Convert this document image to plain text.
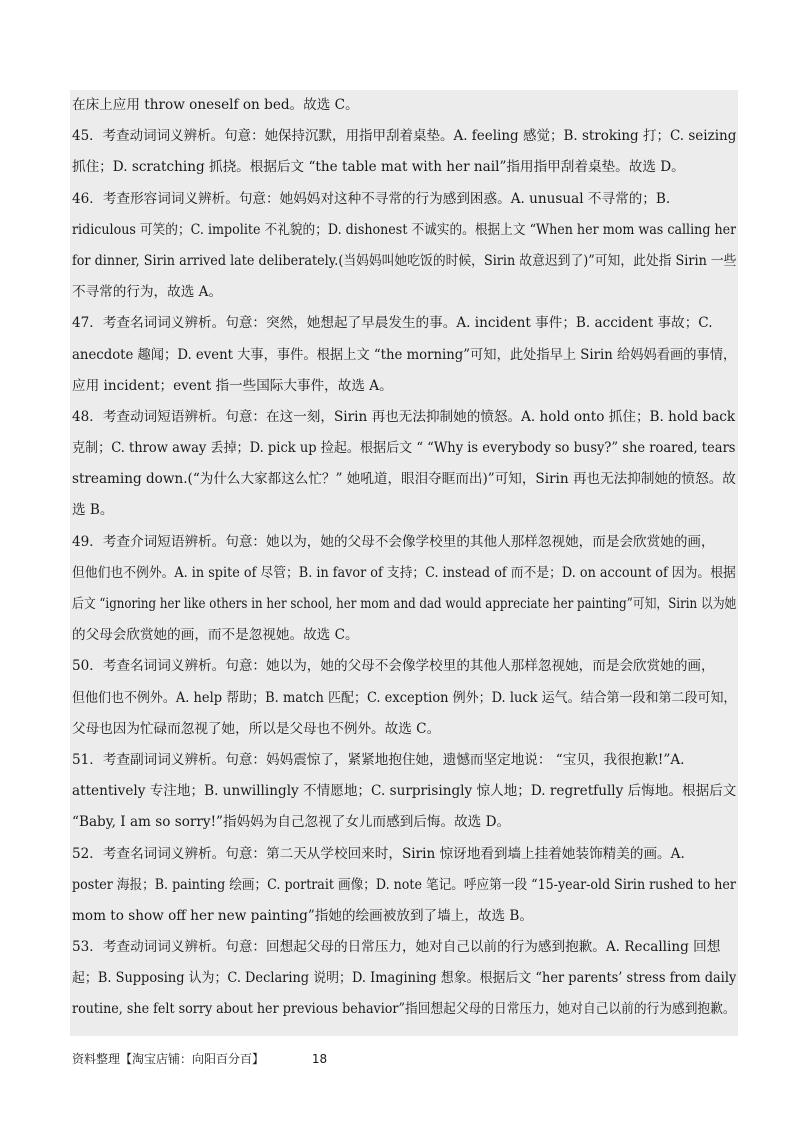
在床上应用 throw oneself on bed。故选 C。
45．考查动词词义辨析。句意：她保持沉默，用指甲刮着桌垫。A. feeling 感觉；B. stroking 打；C. seizing
抓住；D. scratching 抓挠。根据后文 “the table mat with her nail”指用指甲刮着桌垫。故选 D。
46．考查形容词词义辨析。句意：她妈妈对这种不寻常的行为感到困惑。A. unusual 不寻常的；B.
ridiculous 可笑的；C. impolite 不礼貌的；D. dishonest 不诚实的。根据上文 “When her mom was calling her
for dinner, Sirin arrived late deliberately.(当妈妈叫她吃饭的时候，Sirin 故意迟到了)”可知，此处指 Sirin 一些
不寻常的行为，故选 A。
47．考查名词词义辨析。句意：突然，她想起了早晨发生的事。A. incident 事件；B. accident 事故；C.
anecdote 趣闻；D. event 大事，事件。根据上文 “the morning”可知，此处指早上 Sirin 给妈妈看画的事情，
应用 incident；event 指一些国际大事件，故选 A。
48．考查动词短语辨析。句意：在这一刻，Sirin 再也无法抑制她的愤怒。A. hold onto 抓住；B. hold back
克制；C. throw away 丢掉；D. pick up 捡起。根据后文 “ “Why is everybody so busy?” she roared, tears
streaming down.(“为什么大家都这么忙？” 她吼道，眼泪夺眶而出)”可知，Sirin 再也无法抑制她的愤怒。故
选 B。
49．考查介词短语辨析。句意：她以为，她的父母不会像学校里的其他人那样忽视她，而是会欣赏她的画，
但他们也不例外。A. in spite of 尽管；B. in favor of 支持；C. instead of 而不是；D. on account of 因为。根据
后文 “ignoring her like others in her school, her mom and dad would appreciate her painting”可知，Sirin 以为她
的父母会欣赏她的画，而不是忽视她。故选 C。
50．考查名词词义辨析。句意：她以为，她的父母不会像学校里的其他人那样忽视她，而是会欣赏她的画，
但他们也不例外。A. help 帮助；B. match 匹配；C. exception 例外；D. luck 运气。结合第一段和第二段可知，
父母也因为忙碌而忽视了她，所以是父母也不例外。故选 C。
51．考查副词词义辨析。句意：妈妈震惊了，紧紧地抱住她，遗憾而坚定地说： “宝贝，我很抱歉!”A.
attentively 专注地；B. unwillingly 不情愿地；C. surprisingly 惊人地；D. regretfully 后悔地。根据后文
“Baby, I am so sorry!”指妈妈为自己忽视了女儿而感到后悔。故选 D。
52．考查名词词义辨析。句意：第二天从学校回来时，Sirin 惊讶地看到墙上挂着她装饰精美的画。A.
poster 海报；B. painting 绘画；C. portrait 画像；D. note 笔记。呼应第一段 “15-year-old Sirin rushed to her
mom to show off her new painting”指她的绘画被放到了墙上，故选 B。
53．考查动词词义辨析。句意：回想起父母的日常压力，她对自己以前的行为感到抱歉。A. Recalling 回想
起；B. Supposing 认为；C. Declaring 说明；D. Imagining 想象。根据后文 “her parents’ stress from daily
routine, she felt sorry about her previous behavior”指回想起父母的日常压力，她对自己以前的行为感到抱歉。
资料整理【淘宝店铺：向阳百分百】	18
